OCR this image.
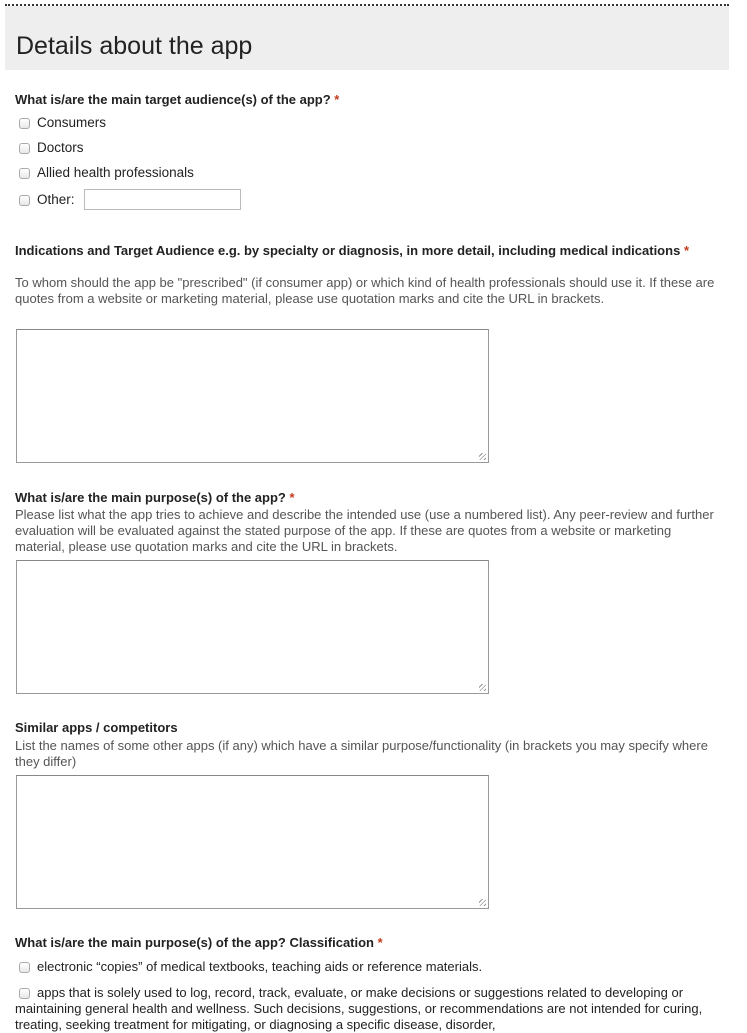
Details about the app
What is/are the main target audience(s) of the app? *
Consumers
Doctors
Allied health professionals
Other:
Indications and Target Audience e.g. by specialty or diagnosis, in more detail, including medical indications *
To whom should the app be "prescribed" (if consumer app) or which kind of health professionals should use it. If these are quotes from a website or marketing material, please use quotation marks and cite the URL in brackets.
What is/are the main purpose(s) of the app? *
Please list what the app tries to achieve and describe the intended use (use a numbered list). Any peer-review and further evaluation will be evaluated against the stated purpose of the app. If these are quotes from a website or marketing material, please use quotation marks and cite the URL in brackets.
Similar apps / competitors
List the names of some other apps (if any) which have a similar purpose/functionality (in brackets you may specify where they differ)
What is/are the main purpose(s) of the app? Classification *
electronic “copies” of medical textbooks, teaching aids or reference materials.
apps that is solely used to log, record, track, evaluate, or make decisions or suggestions related to developing or maintaining general health and wellness. Such decisions, suggestions, or recommendations are not intended for curing, treating, seeking treatment for mitigating, or diagnosing a specific disease, disorder,
